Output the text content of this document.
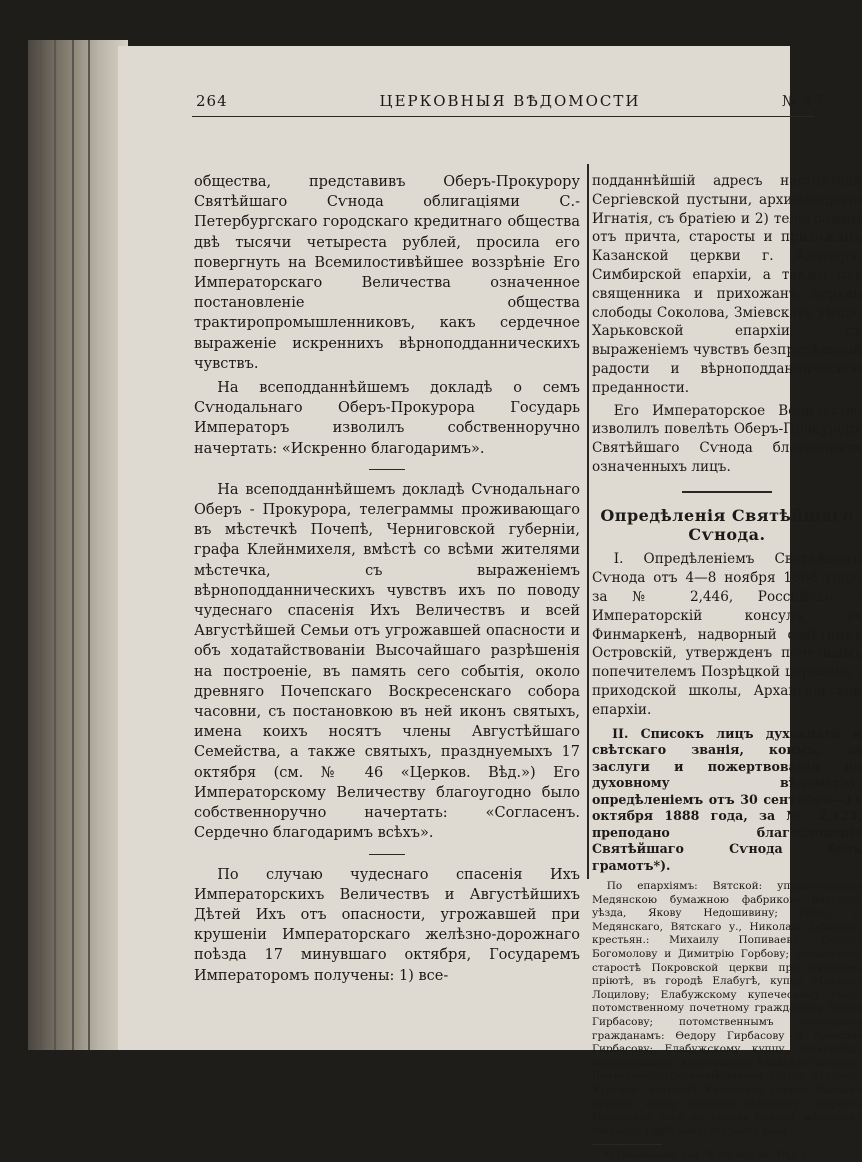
264	ЦЕРКОВНЫЯ ВѢДОМОСТИ	№ 47

общества, представивъ Оберъ-Прокурору Святѣйшаго Сѵнода облигаціями С.-Петербургскаго городскаго кредитнаго общества двѣ тысячи четыреста рублей, просила его повергнуть на Всемилостивѣйшее воззрѣніе Его Императорскаго Величества означенное постановленіе общества трактиропромышленниковъ, какъ сердечное выраженіе искреннихъ вѣрноподданническихъ чувствъ.

На всеподданнѣйшемъ докладѣ о семъ Сѵнодальнаго Оберъ-Прокурора Государь Императоръ изволилъ собственноручно начертать: «Искренно благодаримъ».

На всеподданнѣйшемъ докладѣ Сѵнодальнаго Оберъ - Прокурора, телеграммы проживающаго въ мѣстечкѣ Почепѣ, Черниговской губерніи, графа Клейнмихеля, вмѣстѣ со всѣми жителями мѣстечка, съ выраженіемъ вѣрноподданническихъ чувствъ ихъ по поводу чудеснаго спасенія Ихъ Величествъ и всей Августѣйшей Семьи отъ угрожавшей опасности и объ ходатайствованіи Высочайшаго разрѣшенія на построеніе, въ память сего событія, около древняго Почепскаго Воскресенскаго собора часовни, съ постановкою въ ней иконъ святыхъ, имена коихъ носятъ члены Августѣйшаго Семейства, а также святыхъ, празднуемыхъ 17 октября (см. № 46 «Церков. Вѣд.») Его Императорскому Величеству благоугодно было собственноручно начертать: «Согласенъ. Сердечно благодаримъ всѣхъ».

По случаю чудеснаго спасенія Ихъ Императорскихъ Величествъ и Августѣйшихъ Дѣтей Ихъ отъ опасности, угрожавшей при крушеніи Императорскаго желѣзно-дорожнаго поѣзда 17 минувшаго октября, Государемъ Императоромъ получены: 1) все-

подданнѣйшій адресъ настоятеля Сергіевской пустыни, архимандрита Игнатія, съ братіею и 2) телеграммы отъ причта, старосты и прихожанъ Казанской церкви г. Алатыря, Симбирской епархіи, а также отъ священника и прихожанъ церкви слободы Соколова, Зміевскаго уѣзда, Харьковской епархіи, съ выраженіемъ чувствъ безпредѣльной радости и вѣрноподданнической преданности.

Его Императорское Величество изволилъ повелѣть Оберъ-Прокурору Святѣйшаго Сѵнода благодарить означенныхъ лицъ.

Опредѣленія Святѣйшаго Сѵнода.

I. Опредѣленіемъ Святѣйшаго Сѵнода отъ 4—8 ноября 1888 года, за № 2,446, Российско - Императорскій консулъ въ Финмаркенѣ, надворный совѣтникъ Островскій, утвержденъ почетнымъ попечителемъ Позрѣцкой церковно - приходской школы, Архангельской епархіи.

II. Списокъ лицъ духовнаго и свѣтскаго званія, коимъ, за заслуги и пожертвованія по духовному вѣдомству, опредѣленіемъ отъ 30 сентября—11 октября 1888 года, за № 2,123, преподано благословеніе Святѣйшаго Сѵнода безъ грамотъ*).

По епархіямъ: Вятской: управляющему Медянскою бумажною фабрикою Вятскаго уѣзда, Якову Недошивину; сващ. с. Медянскаго, Вятскаго у., Николаю Зубареву, крестьян.: Михаилу Попиваеву, Ѳедору Богомолову и Димитрію Горбову; церковному старостѣ Покровской церкви при дѣтскомъ пріютѣ, въ городѣ Елабугѣ, купцу Михаилу Лоцилову; Елабужскому купеческому сыну, потомственному почетному гражданину Павлу Гирбасову; потомственнымъ почетнымъ гражданамъ: Ѳедору Гирбасову и Алексѣю Гирбасову; Елабужскому купцу Александру Епанешникову; крестьянину Алексѣю Гоголеву. Екатеринбургской—мѣщанину Петру Курлину. Курской: старостѣ Казанской города Рыльска церкви, купцу Василію Матохину; старостѣ Ильинской того же города церкви, мѣщанину Михаилу Горбунову; старостѣ Іоан-

*) Окончаніе. См. № 46 «Церк. Вѣд.».
